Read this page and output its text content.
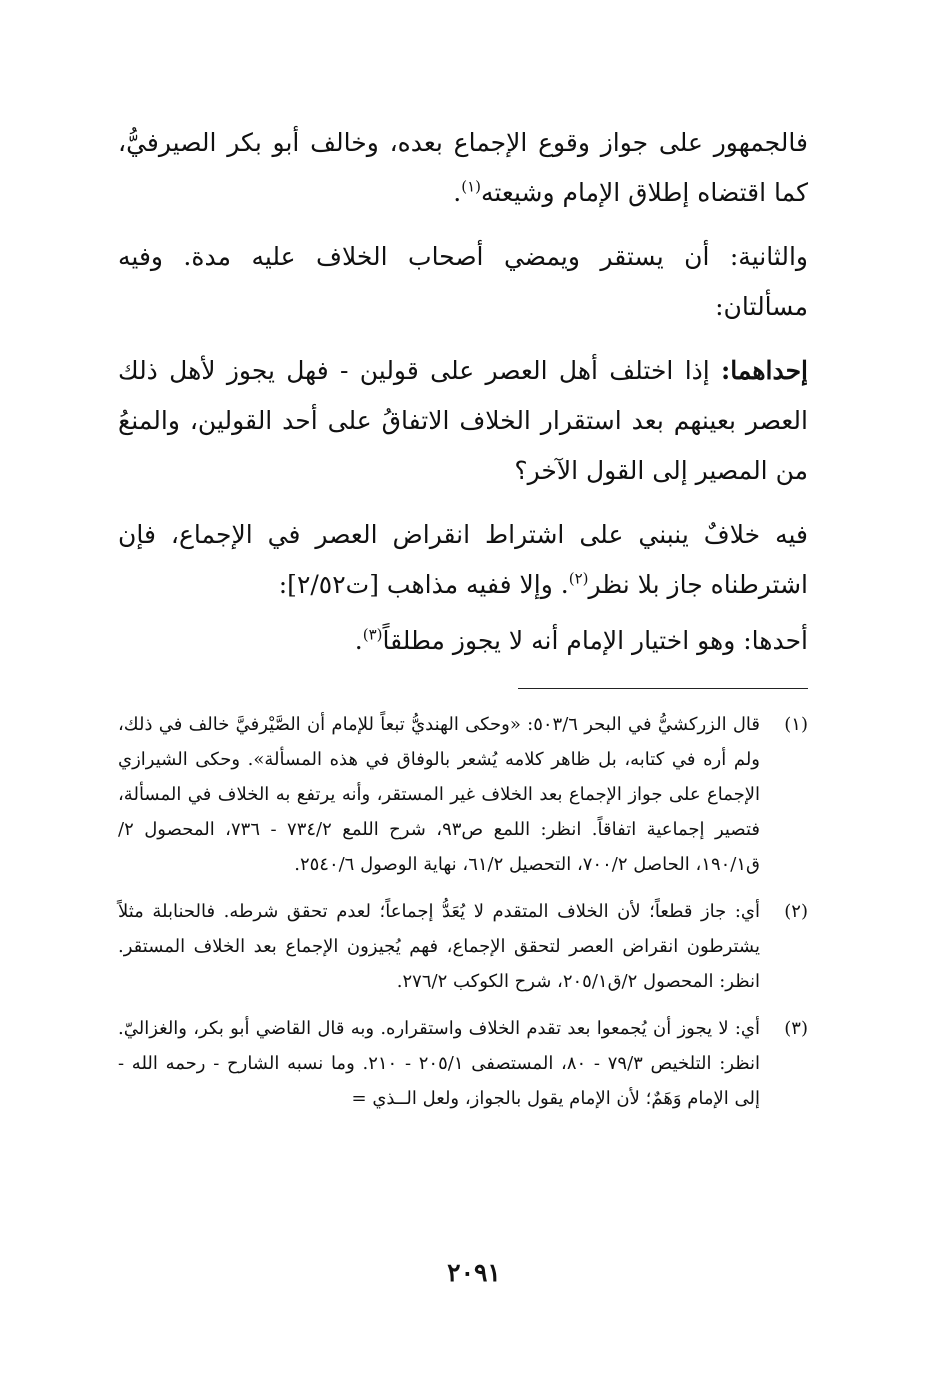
فالجمهور على جواز وقوع الإجماع بعده، وخالف أبو بكر الصيرفيُّ، كما اقتضاه إطلاق الإمام وشيعته$^{(١)}$.

والثانية: أن يستقر ويمضي أصحاب الخلاف عليه مدة. وفيه مسألتان:

إحداهما: إذا اختلف أهل العصر على قولين - فهل يجوز لأهل ذلك العصر بعينهم بعد استقرار الخلاف الاتفاقُ على أحد القولين، والمنعُ من المصير إلى القول الآخر؟

فيه خلافٌ ينبني على اشتراط انقراض العصر في الإجماع، فإن اشترطناه جاز بلا نظر$^{(٢)}$. وإلا ففيه مذاهب [ت٢/٥٢]:

أحدها: وهو اختيار الإمام أنه لا يجوز مطلقاً$^{(٣)}$.

(١)
قال الزركشيُّ في البحر ٥٠٣/٦: «وحكى الهنديُّ تبعاً للإمام أن الصَّيْرفيَّ خالف في ذلك، ولم أره في كتابه، بل ظاهر كلامه يُشعر بالوفاق في هذه المسألة». وحكى الشيرازي الإجماع على جواز الإجماع بعد الخلاف غير المستقر، وأنه يرتفع به الخلاف في المسألة، فتصير إجماعية اتفاقاً. انظر: اللمع ص٩٣، شرح اللمع ٧٣٤/٢ - ٧٣٦، المحصول ٢/ق١٩٠/١، الحاصل ٧٠٠/٢، التحصيل ٦١/٢، نهاية الوصول ٢٥٤٠/٦.
(٢)
أي: جاز قطعاً؛ لأن الخلاف المتقدم لا يُعَدُّ إجماعاً؛ لعدم تحقق شرطه. فالحنابلة مثلاً يشترطون انقراض العصر لتحقق الإجماع، فهم يُجيزون الإجماع بعد الخلاف المستقر. انظر: المحصول ٢/ق٢٠٥/١، شرح الكوكب ٢٧٦/٢.
(٣)
أي: لا يجوز أن يُجمعوا بعد تقدم الخلاف واستقراره. وبه قال القاضي أبو بكر، والغزاليّ. انظر: التلخيص ٧٩/٣ - ٨٠، المستصفى ٢٠٥/١ - ٢١٠. وما نسبه الشارح - رحمه الله - إلى الإمام وَهَمٌ؛ لأن الإمام يقول بالجواز، ولعل الــذي =
٢٠٩١
